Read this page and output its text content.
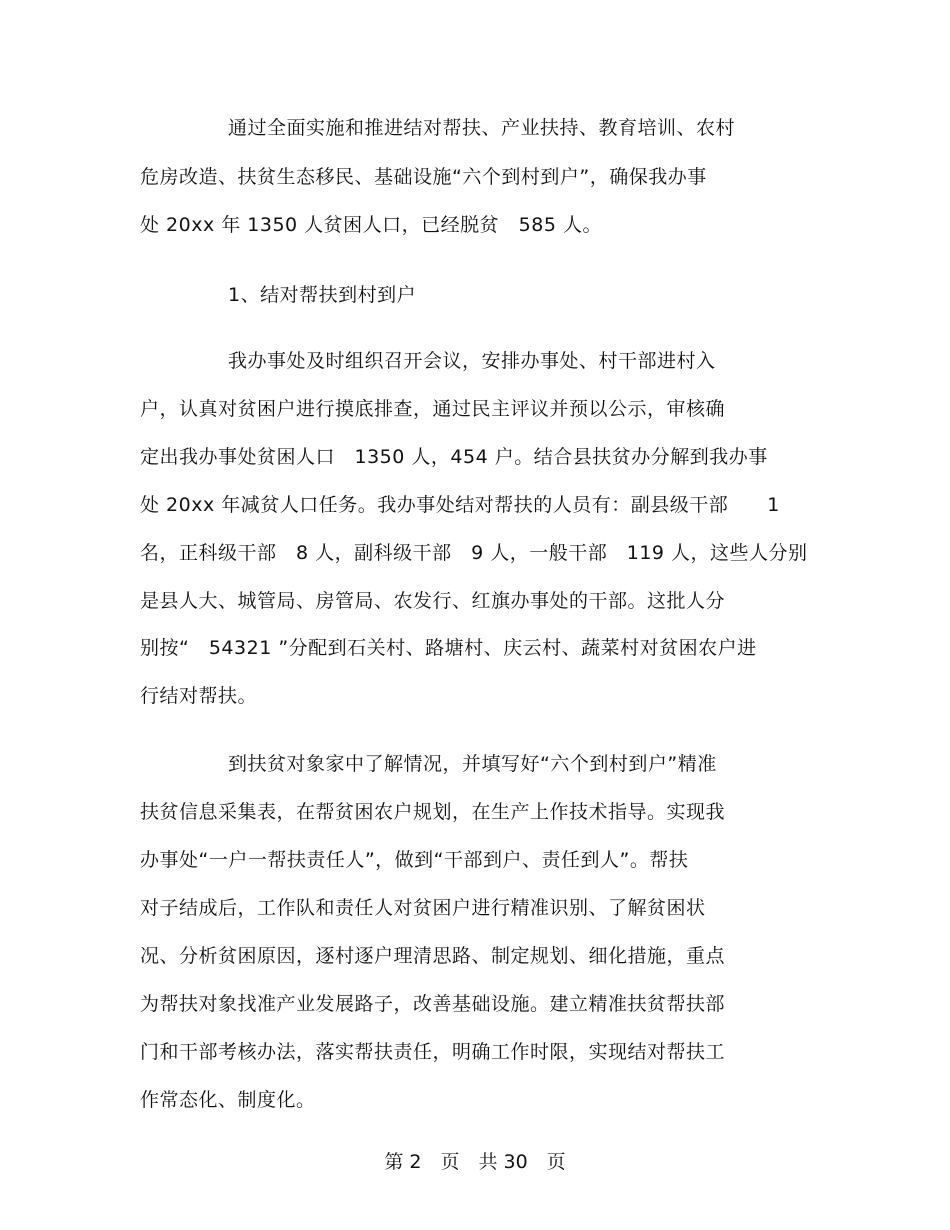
通过全面实施和推进结对帮扶、产业扶持、教育培训、农村
危房改造、扶贫生态移民、基础设施“六个到村到户”，确保我办事
处 20xx 年 1350 人贫困人口，已经脱贫　585 人。
1、结对帮扶到村到户
我办事处及时组织召开会议，安排办事处、村干部进村入
户，认真对贫困户进行摸底排查，通过民主评议并预以公示，审核确
定出我办事处贫困人口　1350 人，454 户。结合县扶贫办分解到我办事
处 20xx 年减贫人口任务。我办事处结对帮扶的人员有：副县级干部　　1
名，正科级干部　8 人，副科级干部　9 人，一般干部　119 人，这些人分别
是县人大、城管局、房管局、农发行、红旗办事处的干部。这批人分
别按“　54321 ”分配到石关村、路塘村、庆云村、蔬菜村对贫困农户进
行结对帮扶。
到扶贫对象家中了解情况，并填写好“六个到村到户”精准
扶贫信息采集表，在帮贫困农户规划，在生产上作技术指导。实现我
办事处“一户一帮扶责任人”，做到“干部到户、责任到人”。帮扶
对子结成后，工作队和责任人对贫困户进行精准识别、了解贫困状
况、分析贫困原因，逐村逐户理清思路、制定规划、细化措施，重点
为帮扶对象找准产业发展路子，改善基础设施。建立精准扶贫帮扶部
门和干部考核办法，落实帮扶责任，明确工作时限，实现结对帮扶工
作常态化、制度化。
第 2　页　共 30　页
